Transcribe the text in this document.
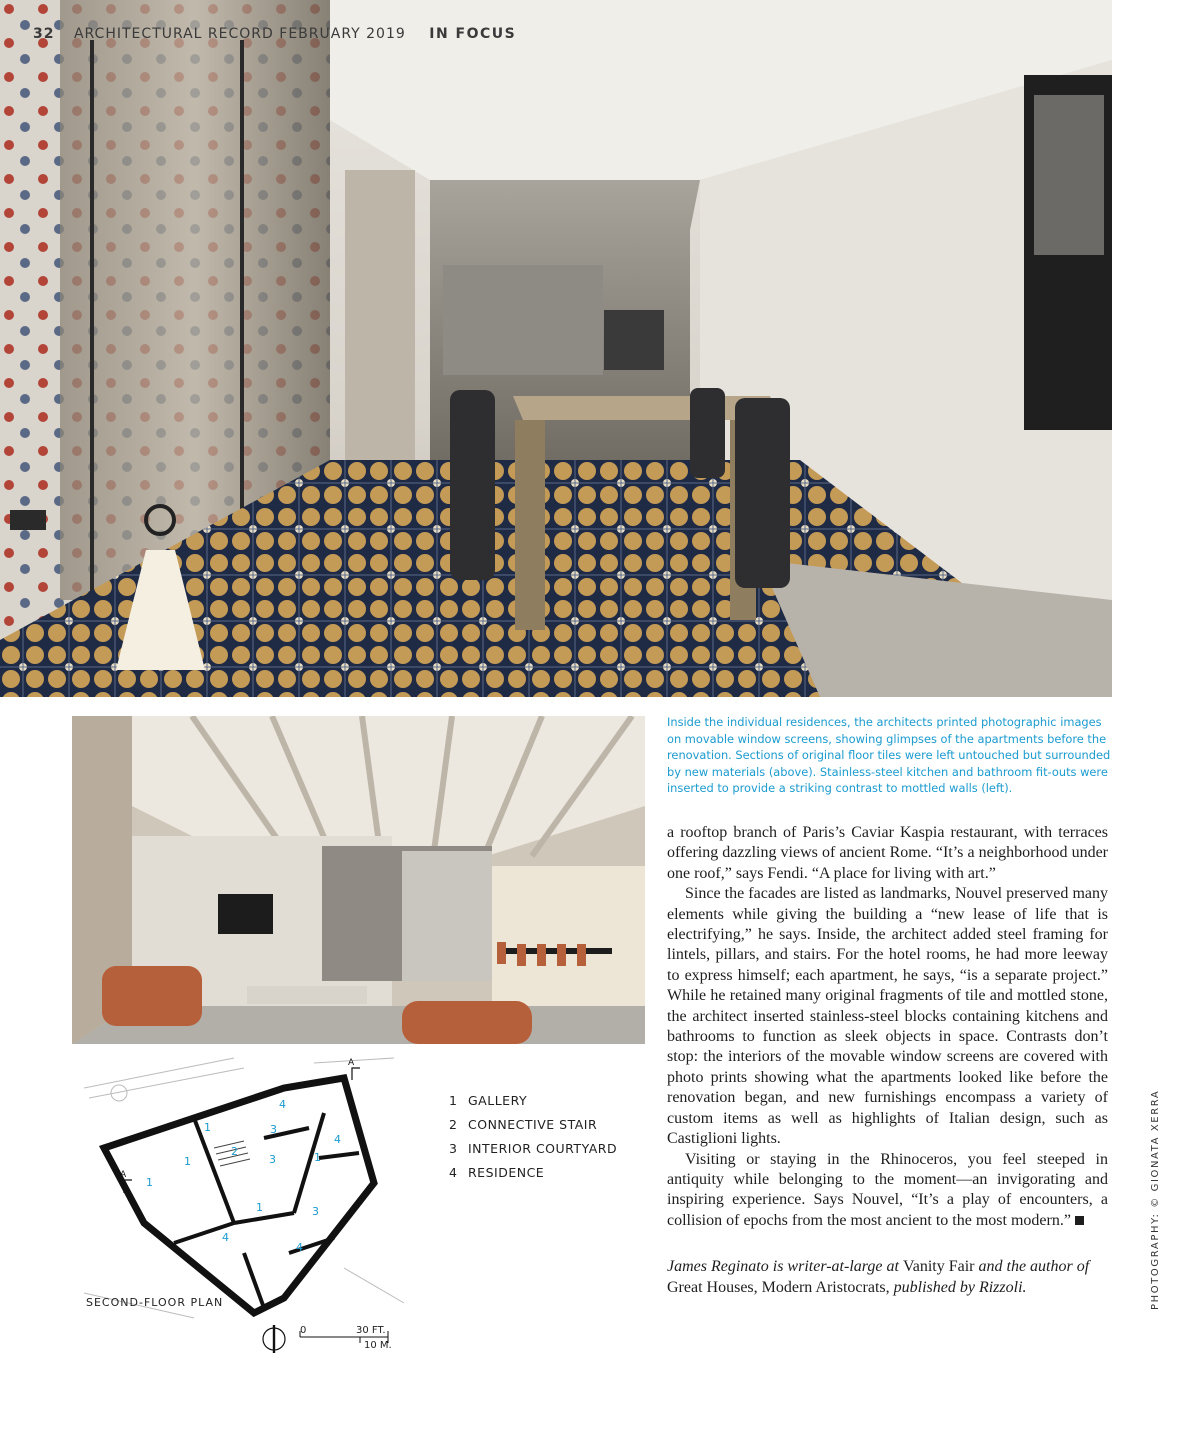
32 ARCHITECTURAL RECORD FEBRUARY 2019 IN FOCUS
Inside the individual residences, the architects printed photographic images on movable window screens, showing glimpses of the apartments before the renovation. Sections of original floor tiles were left untouched but surrounded by new materials (above). Stainless-steel kitchen and bathroom fit-outs were inserted to provide a striking contrast to mottled walls (left).

a rooftop branch of Paris’s Caviar Kaspia restaurant, with terraces offering dazzling views of ancient Rome. “It’s a neighborhood under one roof,” says Fendi. “A place for living with art.”

Since the facades are listed as landmarks, Nouvel preserved many elements while giving the building a “new lease of life that is electrifying,” he says. Inside, the architect added steel framing for lintels, pillars, and stairs. For the hotel rooms, he had more leeway to express himself; each apartment, he says, “is a separate project.” While he retained many original fragments of tile and mottled stone, the architect inserted stainless-steel blocks containing kitchens and bathrooms to function as sleek objects in space. Contrasts don’t stop: the interiors of the movable window screens are covered with photo prints showing what the apartments looked like before the renovation began, and new furnishings encompass a variety of custom items as well as highlights of Italian design, such as Castiglioni lights.

Visiting or staying in the Rhinoceros, you feel steeped in antiquity while belonging to the moment—an invigorating and inspiring experience. Says Nouvel, “It’s a play of encounters, a collision of epochs from the most ancient to the most modern.”

James Reginato is writer-at-large at Vanity Fair and the author of Great Houses, Modern Aristocrats, published by Rizzoli.
A
A
1
1
1
2
3
4
3
4
1
1	3
4
4
SECOND-FLOOR PLAN
1 GALLERY
2 CONNECTIVE STAIR
3 INTERIOR COURTYARD
4 RESIDENCE
0	30 FT.
10 M.
PHOTOGRAPHY: © GIONATA XERRA
